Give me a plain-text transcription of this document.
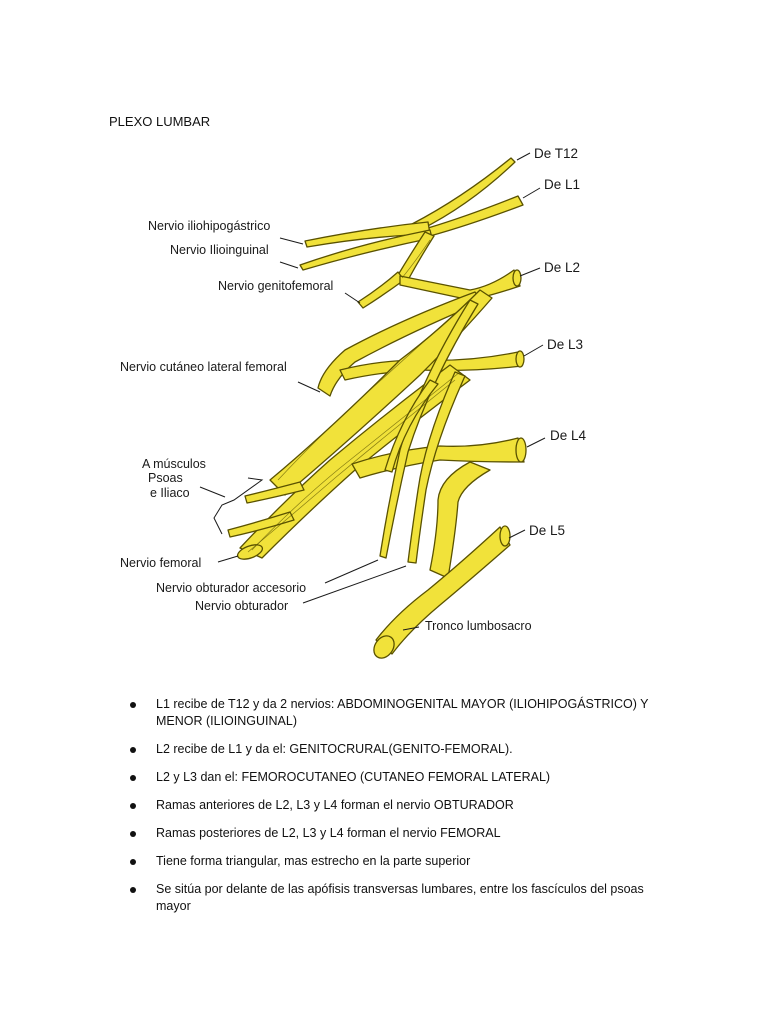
PLEXO LUMBAR
De T12
De L1
De L2
De L3
De L4
De L5
Nervio iliohipogástrico
Nervio Ilioinguinal
Nervio genitofemoral
Nervio cutáneo lateral femoral
A músculos
Psoas
e Iliaco
Nervio femoral
Nervio obturador accesorio
Nervio obturador
Tronco lumbosacro
L1 recibe de T12 y da 2 nervios: ABDOMINOGENITAL MAYOR (ILIOHIPOGÁSTRICO) Y MENOR (ILIOINGUINAL)
L2 recibe de L1 y da el: GENITOCRURAL(GENITO-FEMORAL).
L2 y L3 dan el: FEMOROCUTANEO (CUTANEO FEMORAL LATERAL)
Ramas anteriores de L2, L3 y L4 forman el nervio OBTURADOR
Ramas posteriores de L2, L3 y L4 forman el nervio FEMORAL
Tiene forma triangular, mas estrecho en la parte superior
Se sitúa por delante de las apófisis transversas lumbares, entre los fascículos del psoas mayor
